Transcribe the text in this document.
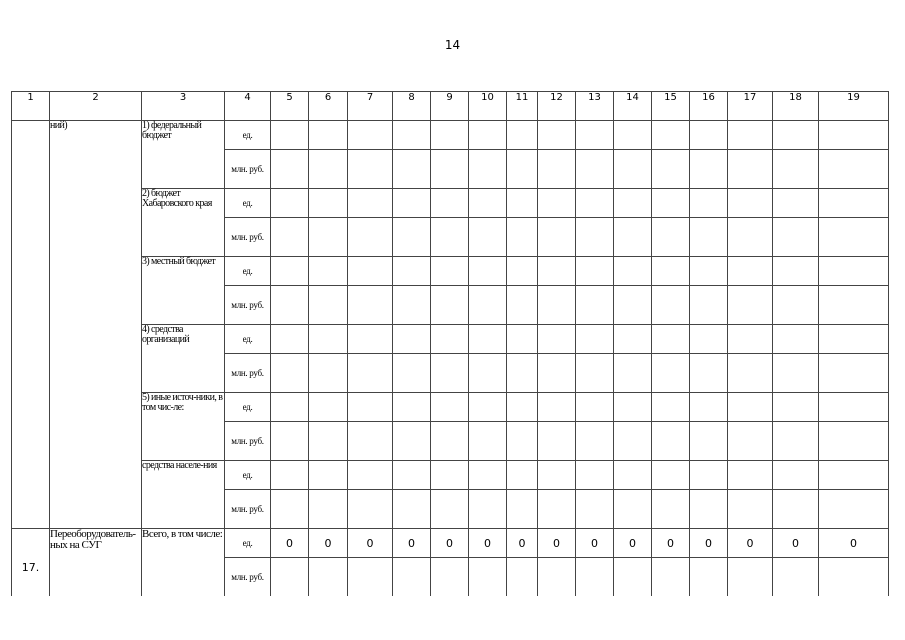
14
1	2	3	4	5	6	7	8	9	10	11	12	13	14	15	16	17	18	19
	ний)	1) федеральный бюджет	ед.															
			млн. руб.															
		2) бюджет Хабаровского края	ед.															
			млн. руб.															
		3) местный бюджет	ед.															
			млн. руб.															
		4) средства организаций	ед.															
			млн. руб.															
		5) иные источ-ники, в том чис-ле:	ед.															
			млн. руб.															
		средства населе-ния	ед.															
			млн. руб.															
17.	Переоборудователь-ных на СУГ	Всего, в том числе:	ед.	0	0	0	0	0	0	0	0	0	0	0	0	0	0	0
			млн. руб.															
